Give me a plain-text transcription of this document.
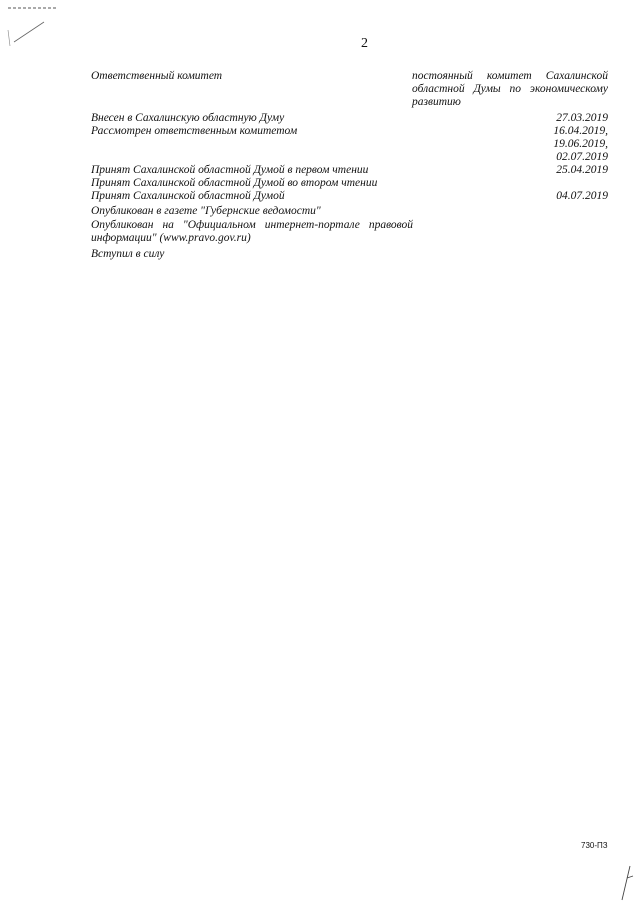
2
Ответственный комитет	постоянный комитет Сахалинской областной Думы по экономическому развитию
Внесен в Сахалинскую областную Думу	27.03.2019
Рассмотрен ответственным комитетом	16.04.2019,
19.06.2019,
02.07.2019
Принят Сахалинской областной Думой в первом чтении	25.04.2019
Принят Сахалинской областной Думой во втором чтении
Принят Сахалинской областной Думой	04.07.2019
Опубликован в газете "Губернские ведомости"
Опубликован на "Официальном интернет-портале правовой информации" (www.pravo.gov.ru)
Вступил в силу
730-ПЗ
